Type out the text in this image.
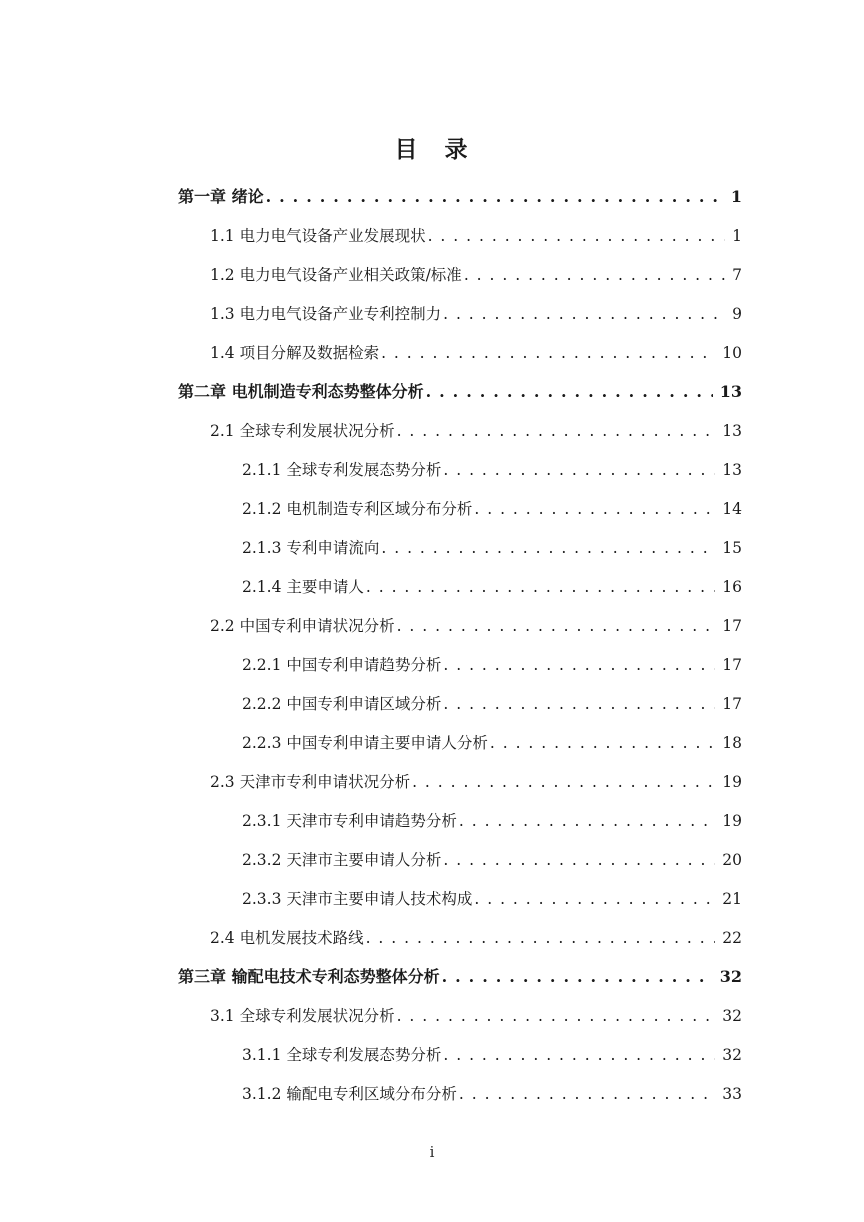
目　录
第一章 绪论 . . .	1
1.1 电力电气设备产业发展现状 . . .	1
1.2 电力电气设备产业相关政策/标准 . . .	7
1.3 电力电气设备产业专利控制力 . . .	9
1.4 项目分解及数据检索 . . .	10
第二章 电机制造专利态势整体分析 . . .	13
2.1 全球专利发展状况分析 . . .	13
2.1.1 全球专利发展态势分析 . . .	13
2.1.2 电机制造专利区域分布分析 . . .	14
2.1.3 专利申请流向 . . .	15
2.1.4 主要申请人 . . .	16
2.2 中国专利申请状况分析 . . .	17
2.2.1 中国专利申请趋势分析 . . .	17
2.2.2 中国专利申请区域分析 . . .	17
2.2.3 中国专利申请主要申请人分析 . . .	18
2.3 天津市专利申请状况分析 . . .	19
2.3.1 天津市专利申请趋势分析 . . .	19
2.3.2 天津市主要申请人分析 . . .	20
2.3.3 天津市主要申请人技术构成 . . .	21
2.4 电机发展技术路线 . . .	22
第三章 输配电技术专利态势整体分析 . . .	32
3.1 全球专利发展状况分析 . . .	32
3.1.1 全球专利发展态势分析 . . .	32
3.1.2 输配电专利区域分布分析 . . .	33
i
